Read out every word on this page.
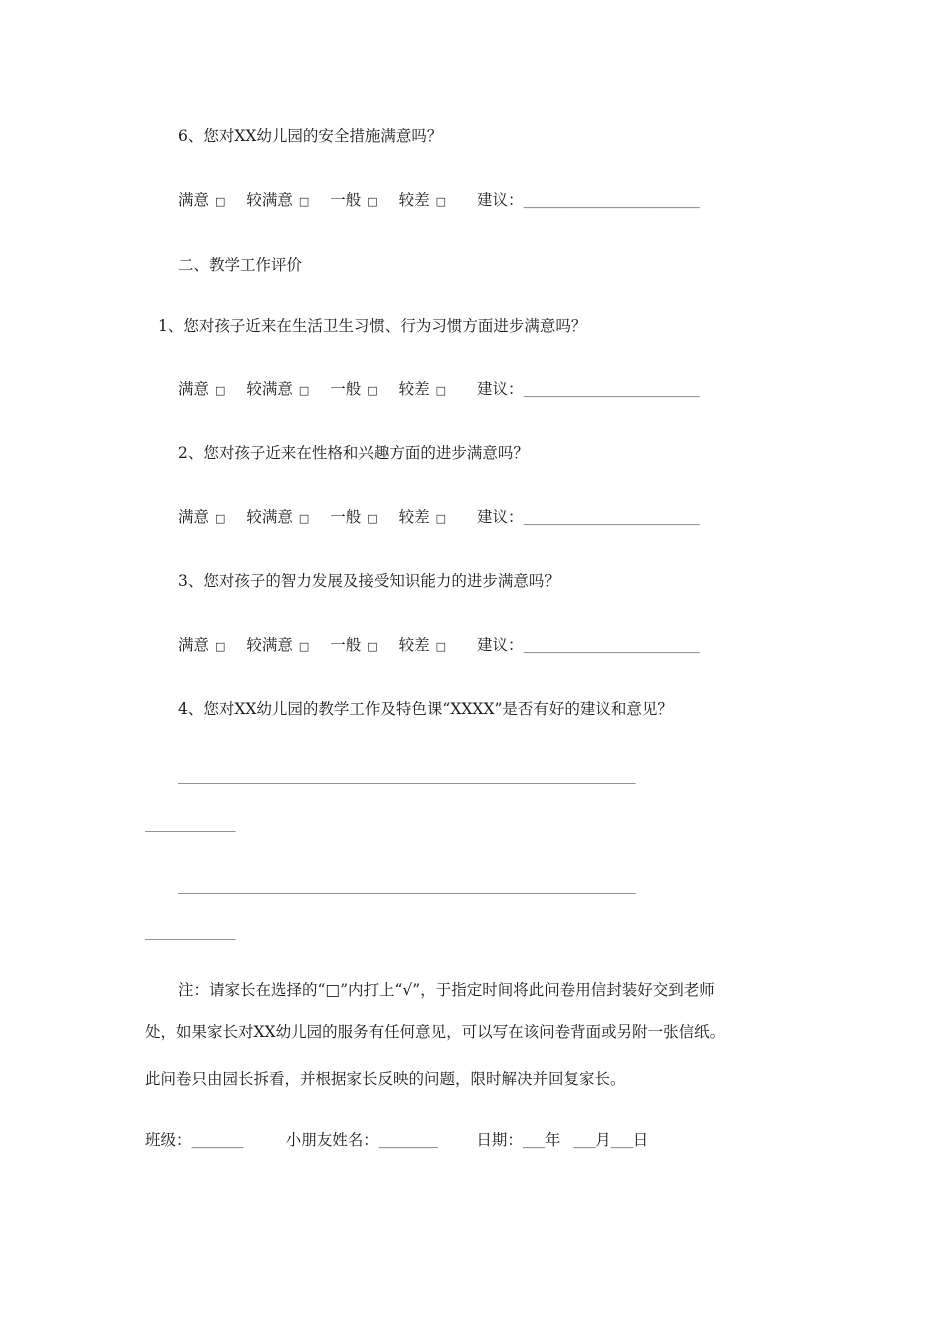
6、您对XX幼儿园的安全措施满意吗？
满意 □ 较满意 □ 一般 □ 较差 □ 建议：________________________
二、教学工作评价
1、您对孩子近来在生活卫生习惯、行为习惯方面进步满意吗？
满意 □ 较满意 □ 一般 □ 较差 □ 建议：________________________
2、您对孩子近来在性格和兴趣方面的进步满意吗？
满意 □ 较满意 □ 一般 □ 较差 □ 建议：________________________
3、您对孩子的智力发展及接受知识能力的进步满意吗？
满意 □ 较满意 □ 一般 □ 较差 □ 建议：________________________
4、您对XX幼儿园的教学工作及特色课“XXXX”是否有好的建议和意见？
__________________________________________________________________
_____________
__________________________________________________________________
_____________
注：请家长在选择的“□”内打上“√”，于指定时间将此问卷用信封装好交到老师
处，如果家长对XX幼儿园的服务有任何意见，可以写在该问卷背面或另附一张信纸。
此问卷只由园长拆看，并根据家长反映的问题，限时解决并回复家长。
班级：_______	小朋友姓名：________	日期：___年 ___月___日
